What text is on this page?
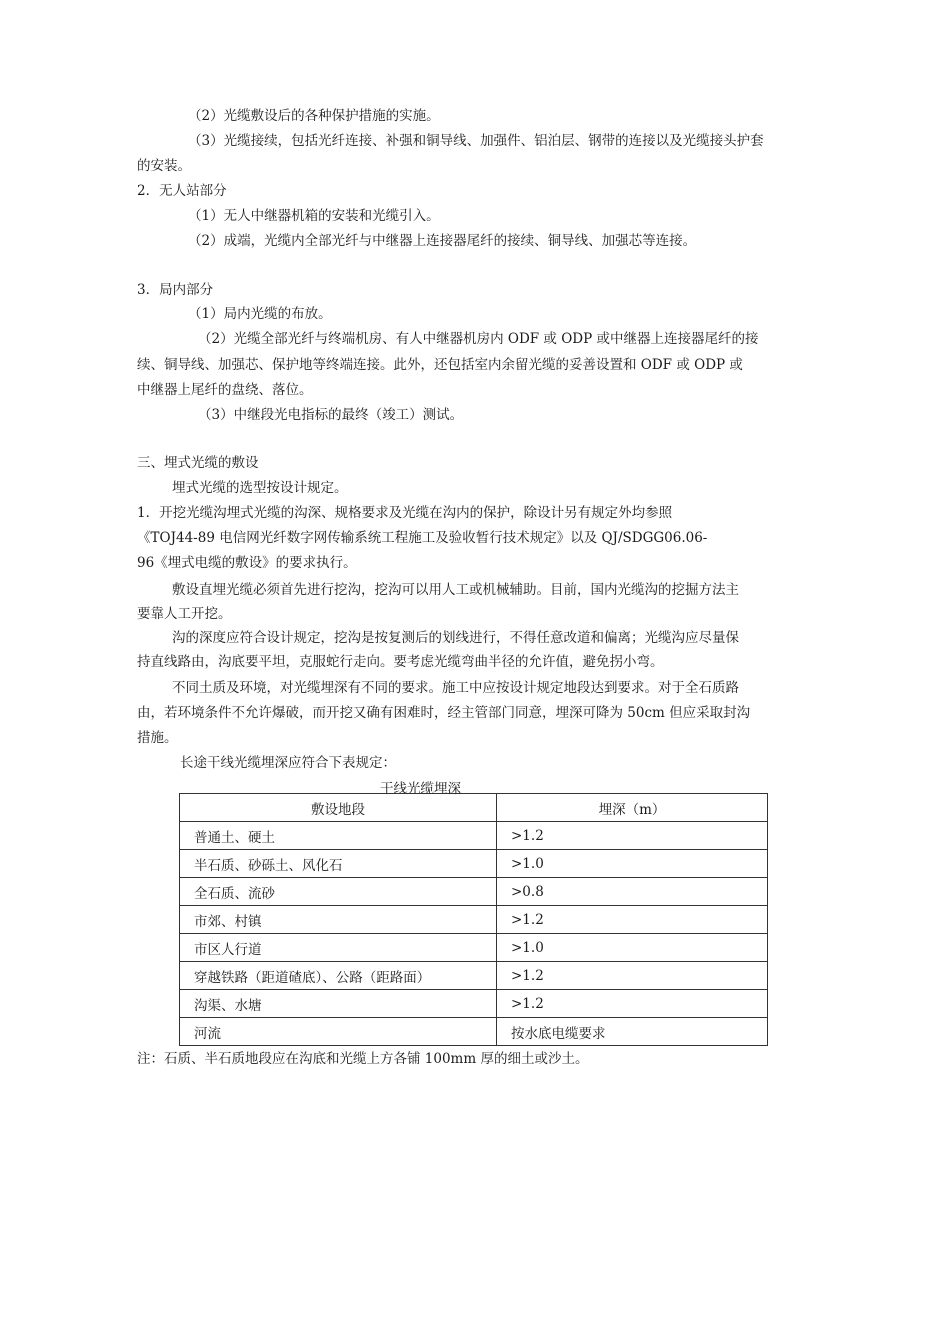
（2）光缆敷设后的各种保护措施的实施。
（3）光缆接续，包括光纤连接、补强和铜导线、加强件、铝泊层、钢带的连接以及光缆接头护套
的安装。
2．无人站部分
（1）无人中继器机箱的安装和光缆引入。
（2）成端，光缆内全部光纤与中继器上连接器尾纤的接续、铜导线、加强芯等连接。
3．局内部分
（1）局内光缆的布放。
（2）光缆全部光纤与终端机房、有人中继器机房内 ODF 或 ODP 或中继器上连接器尾纤的接
续、铜导线、加强芯、保护地等终端连接。此外，还包括室内余留光缆的妥善设置和 ODF 或 ODP 或
中继器上尾纤的盘绕、落位。
（3）中继段光电指标的最终（竣工）测试。
三、埋式光缆的敷设
埋式光缆的选型按设计规定。
1．开挖光缆沟埋式光缆的沟深、规格要求及光缆在沟内的保护，除设计另有规定外均参照
《TOJ44-89 电信网光纤数字网传输系统工程施工及验收暂行技术规定》以及 QJ/SDGG06.06-
96《埋式电缆的敷设》的要求执行。
敷设直埋光缆必须首先进行挖沟，挖沟可以用人工或机械辅助。目前，国内光缆沟的挖掘方法主
要靠人工开挖。
沟的深度应符合设计规定，挖沟是按复测后的划线进行，不得任意改道和偏离；光缆沟应尽量保
持直线路由，沟底要平坦，克服蛇行走向。要考虑光缆弯曲半径的允许值，避免拐小弯。
不同土质及环境，对光缆埋深有不同的要求。施工中应按设计规定地段达到要求。对于全石质路
由，若环境条件不允许爆破，而开挖又确有困难时，经主管部门同意，埋深可降为 50cm 但应采取封沟
措施。
长途干线光缆埋深应符合下表规定：
干线光缆埋深
敷设地段	埋深（m）
普通土、硬土	>1.2
半石质、砂砾土、风化石	>1.0
全石质、流砂	>0.8
市郊、村镇	>1.2
市区人行道	>1.0
穿越铁路（距道碴底）、公路（距路面）	>1.2
沟渠、水塘	>1.2
河流	按水底电缆要求
注：石质、半石质地段应在沟底和光缆上方各铺 100mm 厚的细土或沙土。
